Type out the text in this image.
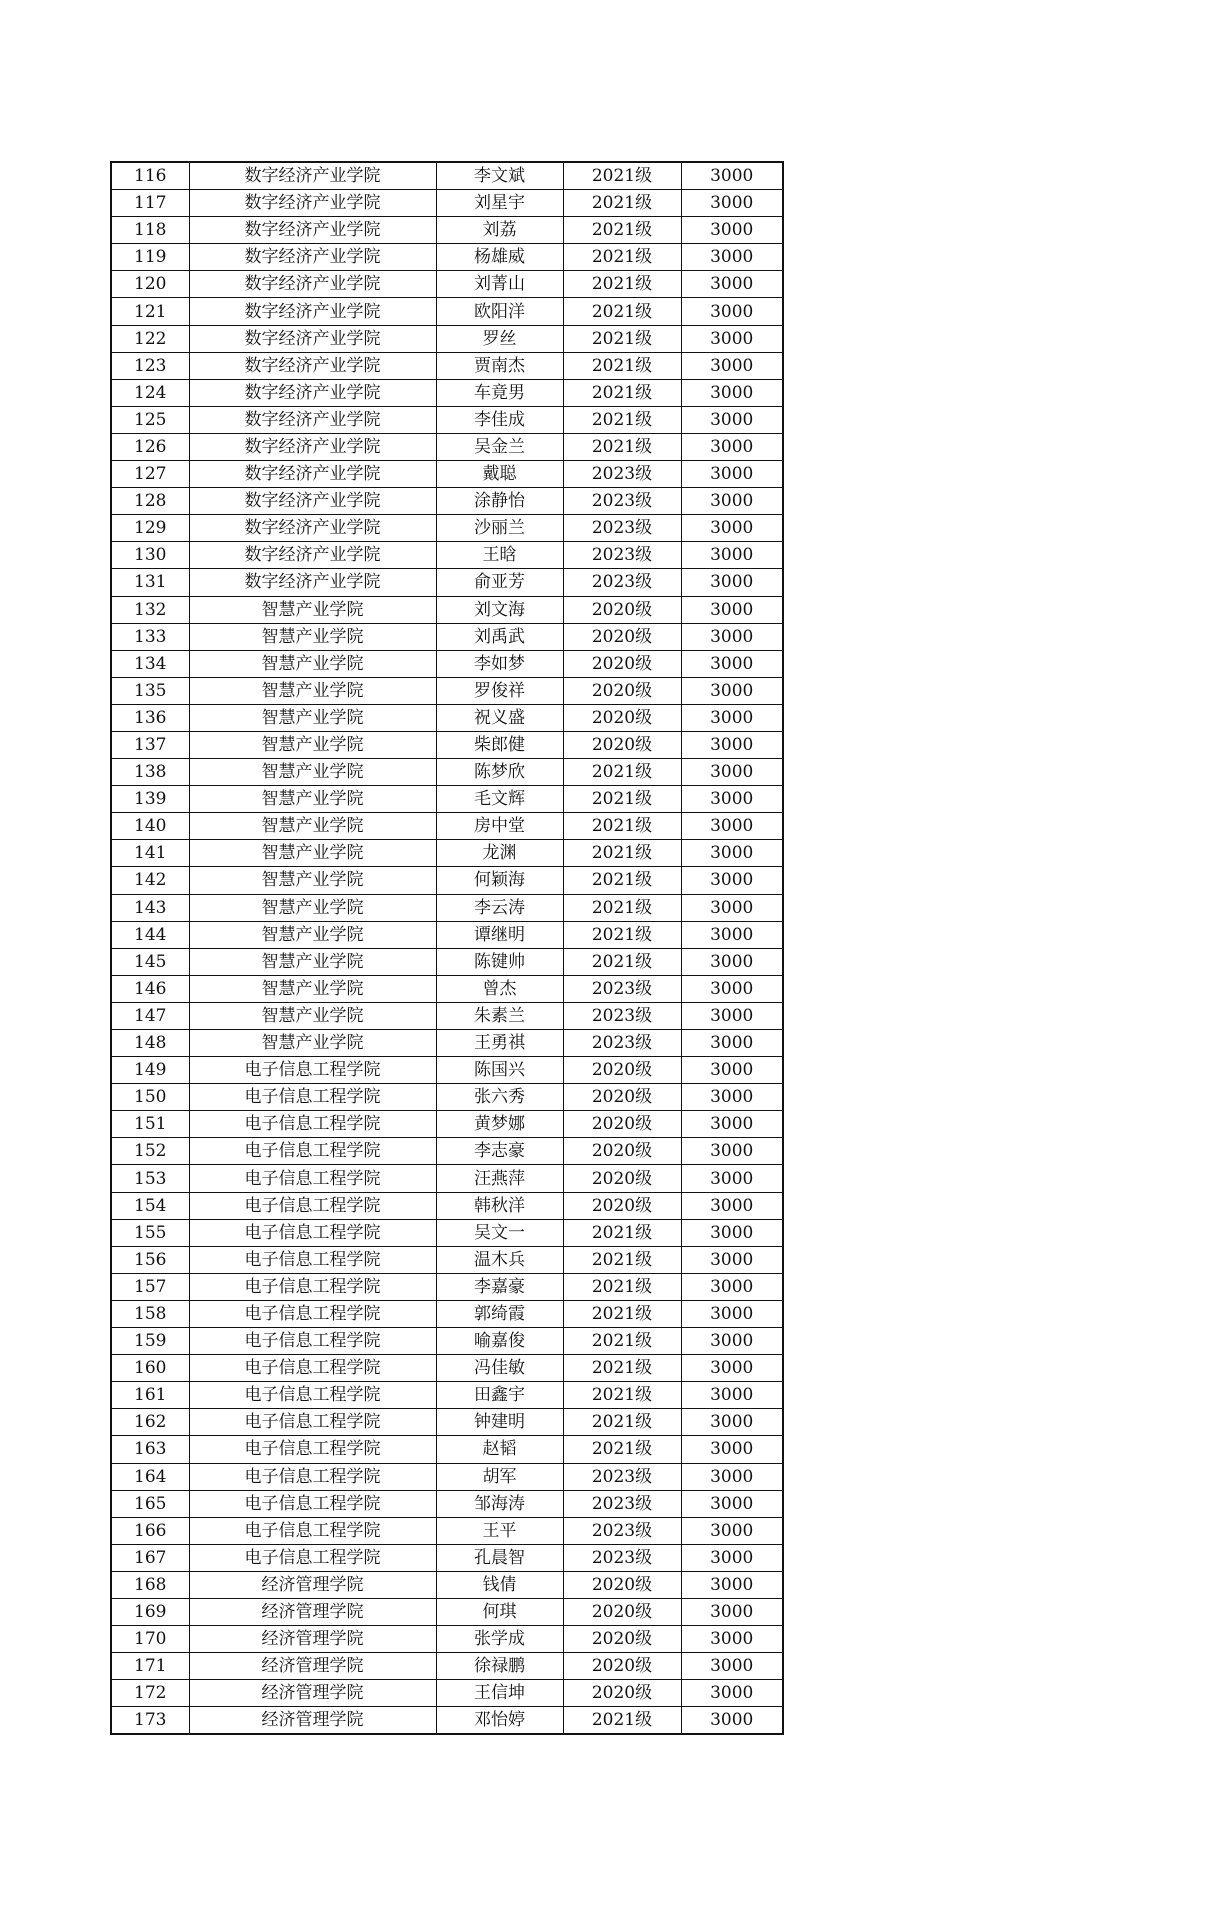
116	数字经济产业学院	李文斌	2021级	3000
117	数字经济产业学院	刘星宇	2021级	3000
118	数字经济产业学院	刘荔	2021级	3000
119	数字经济产业学院	杨雄威	2021级	3000
120	数字经济产业学院	刘菁山	2021级	3000
121	数字经济产业学院	欧阳洋	2021级	3000
122	数字经济产业学院	罗丝	2021级	3000
123	数字经济产业学院	贾南杰	2021级	3000
124	数字经济产业学院	车竟男	2021级	3000
125	数字经济产业学院	李佳成	2021级	3000
126	数字经济产业学院	吴金兰	2021级	3000
127	数字经济产业学院	戴聪	2023级	3000
128	数字经济产业学院	涂静怡	2023级	3000
129	数字经济产业学院	沙丽兰	2023级	3000
130	数字经济产业学院	王晗	2023级	3000
131	数字经济产业学院	俞亚芳	2023级	3000
132	智慧产业学院	刘文海	2020级	3000
133	智慧产业学院	刘禹武	2020级	3000
134	智慧产业学院	李如梦	2020级	3000
135	智慧产业学院	罗俊祥	2020级	3000
136	智慧产业学院	祝义盛	2020级	3000
137	智慧产业学院	柴郎健	2020级	3000
138	智慧产业学院	陈梦欣	2021级	3000
139	智慧产业学院	毛文辉	2021级	3000
140	智慧产业学院	房中堂	2021级	3000
141	智慧产业学院	龙渊	2021级	3000
142	智慧产业学院	何颖海	2021级	3000
143	智慧产业学院	李云涛	2021级	3000
144	智慧产业学院	谭继明	2021级	3000
145	智慧产业学院	陈键帅	2021级	3000
146	智慧产业学院	曾杰	2023级	3000
147	智慧产业学院	朱素兰	2023级	3000
148	智慧产业学院	王勇祺	2023级	3000
149	电子信息工程学院	陈国兴	2020级	3000
150	电子信息工程学院	张六秀	2020级	3000
151	电子信息工程学院	黄梦娜	2020级	3000
152	电子信息工程学院	李志豪	2020级	3000
153	电子信息工程学院	汪燕萍	2020级	3000
154	电子信息工程学院	韩秋洋	2020级	3000
155	电子信息工程学院	吴文一	2021级	3000
156	电子信息工程学院	温木兵	2021级	3000
157	电子信息工程学院	李嘉豪	2021级	3000
158	电子信息工程学院	郭绮霞	2021级	3000
159	电子信息工程学院	喻嘉俊	2021级	3000
160	电子信息工程学院	冯佳敏	2021级	3000
161	电子信息工程学院	田鑫宇	2021级	3000
162	电子信息工程学院	钟建明	2021级	3000
163	电子信息工程学院	赵韬	2021级	3000
164	电子信息工程学院	胡军	2023级	3000
165	电子信息工程学院	邹海涛	2023级	3000
166	电子信息工程学院	王平	2023级	3000
167	电子信息工程学院	孔晨智	2023级	3000
168	经济管理学院	钱倩	2020级	3000
169	经济管理学院	何琪	2020级	3000
170	经济管理学院	张学成	2020级	3000
171	经济管理学院	徐禄鹏	2020级	3000
172	经济管理学院	王信坤	2020级	3000
173	经济管理学院	邓怡婷	2021级	3000
